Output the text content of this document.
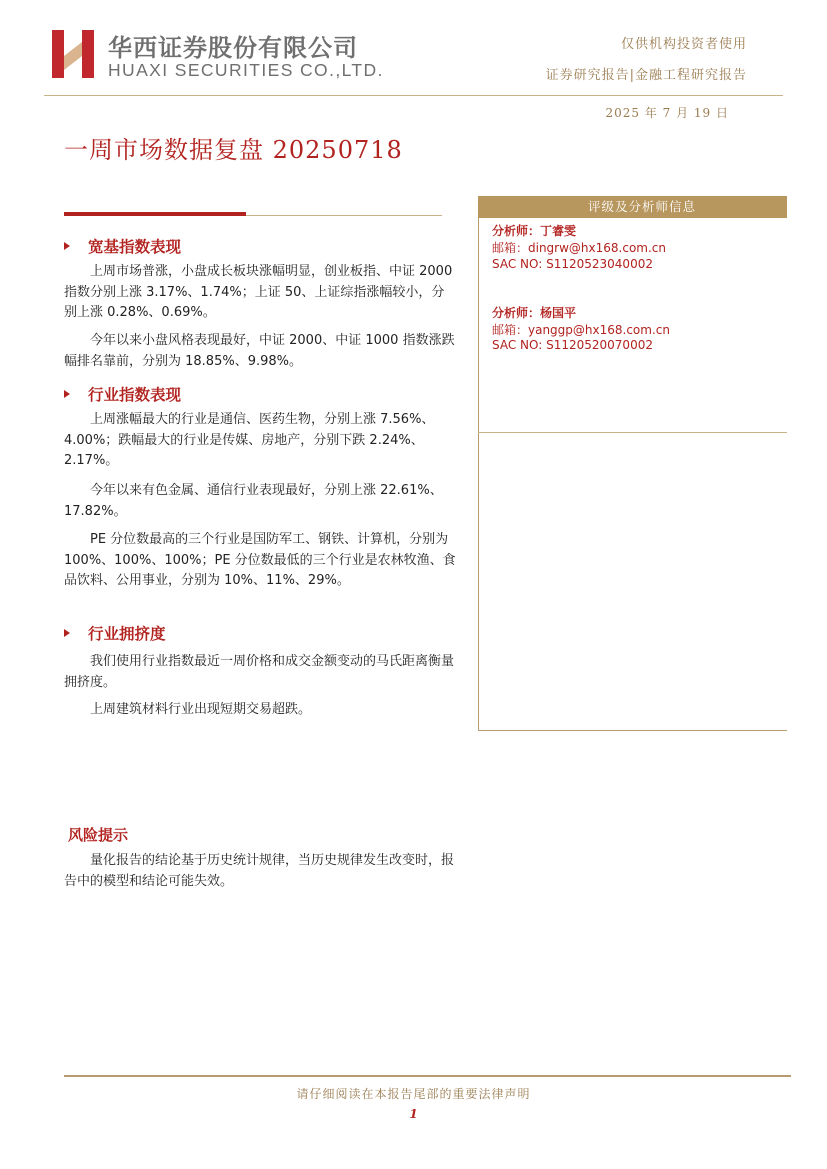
华西证券股份有限公司
HUAXI SECURITIES CO.,LTD.
仅供机构投资者使用
证券研究报告|金融工程研究报告
2025 年 7 月 19 日
一周市场数据复盘 20250718
宽基指数表现

上周市场普涨，小盘成长板块涨幅明显，创业板指、中证 2000 指数分别上涨 3.17%、1.74%；上证 50、上证综指涨幅较小，分别上涨 0.28%、0.69%。

今年以来小盘风格表现最好，中证 2000、中证 1000 指数涨跌幅排名靠前，分别为 18.85%、9.98%。

行业指数表现

上周涨幅最大的行业是通信、医药生物，分别上涨 7.56%、4.00%；跌幅最大的行业是传媒、房地产，分别下跌 2.24%、2.17%。

今年以来有色金属、通信行业表现最好，分别上涨 22.61%、17.82%。

PE 分位数最高的三个行业是国防军工、钢铁、计算机，分别为 100%、100%、100%；PE 分位数最低的三个行业是农林牧渔、食品饮料、公用事业，分别为 10%、11%、29%。

行业拥挤度

我们使用行业指数最近一周价格和成交金额变动的马氏距离衡量拥挤度。

上周建筑材料行业出现短期交易超跌。

风险提示

量化报告的结论基于历史统计规律，当历史规律发生改变时，报告中的模型和结论可能失效。

评级及分析师信息
分析师：丁睿雯
邮箱：dingrw@hx168.com.cn
SAC NO: S1120523040002
分析师：杨国平
邮箱：yanggp@hx168.com.cn
SAC NO: S1120520070002
请仔细阅读在本报告尾部的重要法律声明
1
